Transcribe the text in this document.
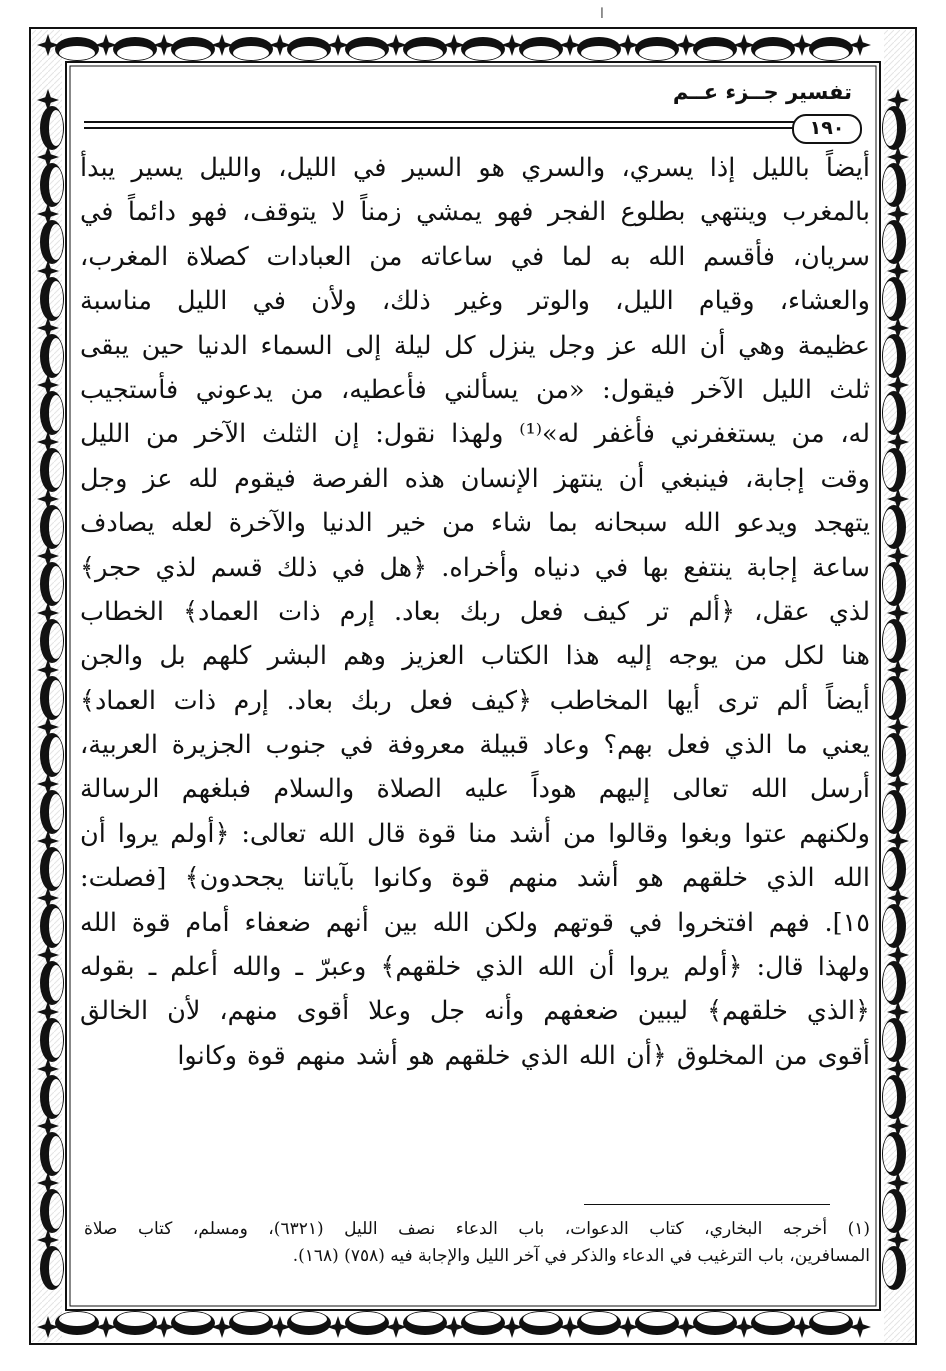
ا
تفسير جــزء عــم
١٩٠
أيضاً بالليل إذا يسري، والسري هو السير في الليل، والليل يسير يبدأ
بالمغرب وينتهي بطلوع الفجر فهو يمشي زمناً لا يتوقف، فهو دائماً في
سريان، فأقسم الله به لما في ساعاته من العبادات كصلاة المغرب،
والعشاء، وقيام الليل، والوتر وغير ذلك، ولأن في الليل مناسبة
عظيمة وهي أن الله عز وجل ينزل كل ليلة إلى السماء الدنيا حين يبقى
ثلث الليل الآخر فيقول: «من يسألني فأعطيه، من يدعوني فأستجيب
له، من يستغفرني فأغفر له»⁽¹⁾ ولهذا نقول: إن الثلث الآخر من الليل
وقت إجابة، فينبغي أن ينتهز الإنسان هذه الفرصة فيقوم لله عز وجل
يتهجد ويدعو الله سبحانه بما شاء من خير الدنيا والآخرة لعله يصادف
ساعة إجابة ينتفع بها في دنياه وأخراه. ﴿هل في ذلك قسم لذي حجر﴾
لذي عقل، ﴿ألم تر كيف فعل ربك بعاد. إرم ذات العماد﴾ الخطاب
هنا لكل من يوجه إليه هذا الكتاب العزيز وهم البشر كلهم بل والجن
أيضاً ألم ترى أيها المخاطب ﴿كيف فعل ربك بعاد. إرم ذات العماد﴾
يعني ما الذي فعل بهم؟ وعاد قبيلة معروفة في جنوب الجزيرة العربية،
أرسل الله تعالى إليهم هوداً عليه الصلاة والسلام فبلغهم الرسالة
ولكنهم عتوا وبغوا وقالوا من أشد منا قوة قال الله تعالى: ﴿أولم يروا أن
الله الذي خلقهم هو أشد منهم قوة وكانوا بآياتنا يجحدون﴾ [فصلت:
١٥]. فهم افتخروا في قوتهم ولكن الله بين أنهم ضعفاء أمام قوة الله
ولهذا قال: ﴿أولم يروا أن الله الذي خلقهم﴾ وعبرّ ـ والله أعلم ـ بقوله
﴿الذي خلقهم﴾ ليبين ضعفهم وأنه جل وعلا أقوى منهم، لأن الخالق
أقوى من المخلوق ﴿أن الله الذي خلقهم هو أشد منهم قوة وكانوا
(١) أخرجه البخاري، كتاب الدعوات، باب الدعاء نصف الليل (٦٣٢١)، ومسلم، كتاب صلاة
المسافرين، باب الترغيب في الدعاء والذكر في آخر الليل والإجابة فيه (٧٥٨) (١٦٨).
